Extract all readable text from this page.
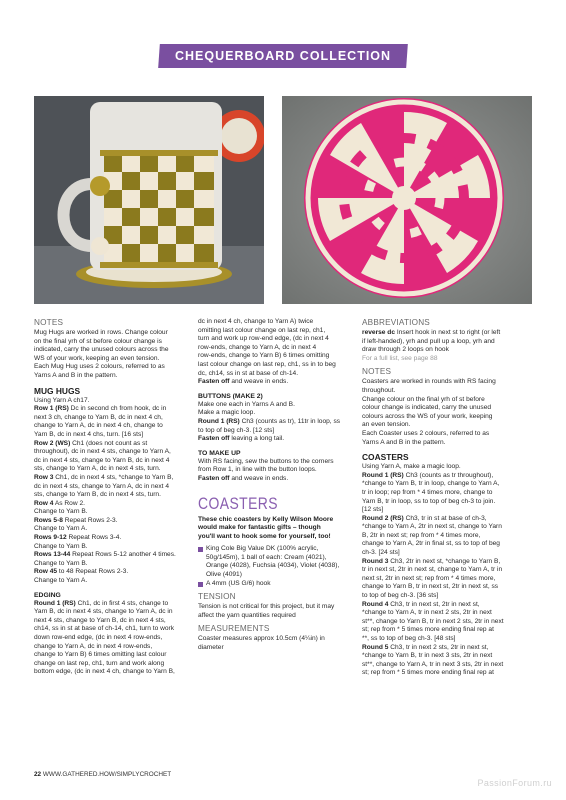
CHEQUERBOARD COLLECTION
NOTES
Mug Hugs are worked in rows. Change colour
on the final yrh of st before colour change is
indicated, carry the unused colours across the
WS of your work, keeping an even tension.
Each Mug Hug uses 2 colours, referred to as
Yarns A and B in the pattern.
MUG HUGS
Using Yarn A ch17.
Row 1 (RS) Dc in second ch from hook, dc in
next 3 ch, change to Yarn B, dc in next 4 ch,
change to Yarn A, dc in next 4 ch, change to
Yarn B, dc in next 4 chs, turn. [16 sts]
Row 2 (WS) Ch1 (does not count as st
throughout), dc in next 4 sts, change to Yarn A,
dc in next 4 sts, change to Yarn B, dc in next 4
sts, change to Yarn A, dc in next 4 sts, turn.
Row 3 Ch1, dc in next 4 sts, *change to Yarn B,
dc in next 4 sts, change to Yarn A, dc in next 4
sts, change to Yarn B, dc in next 4 sts, turn.
Row 4 As Row 2.
Change to Yarn B.
Rows 5-8 Repeat Rows 2-3.
Change to Yarn A.
Rows 9-12 Repeat Rows 3-4.
Change to Yarn B.
Rows 13-44 Repeat Rows 5-12 another 4 times.
Change to Yarn B.
Row 45 to 48 Repeat Rows 2-3.
Change to Yarn A.
EDGING
Round 1 (RS) Ch1, dc in first 4 sts, change to
Yarn B, dc in next 4 sts, change to Yarn A, dc in
next 4 sts, change to Yarn B, dc in next 4 sts,
ch14, ss in st at base of ch-14, ch1, turn to work
down row-end edge, (dc in next 4 row-ends,
change to Yarn A, dc in next 4 row-ends,
change to Yarn B) 6 times omitting last colour
change on last rep, ch1, turn and work along
bottom edge, (dc in next 4 ch, change to Yarn B,
dc in next 4 ch, change to Yarn A) twice
omitting last colour change on last rep, ch1,
turn and work up row-end edge, (dc in next 4
row-ends, change to Yarn A, dc in next 4
row-ends, change to Yarn B) 6 times omitting
last colour change on last rep, ch1, ss in to beg
dc, ch14, ss in st at base of ch-14.
Fasten off and weave in ends.
BUTTONS (MAKE 2)
Make one each in Yarns A and B.
Make a magic loop.
Round 1 (RS) Ch3 (counts as tr), 11tr in loop, ss
to top of beg ch-3. [12 sts]
Fasten off leaving a long tail.
TO MAKE UP
With RS facing, sew the buttons to the corners
from Row 1, in line with the button loops.
Fasten off and weave in ends.
COASTERS
These chic coasters by Kelly Wilson Moore
would make for fantastic gifts – though
you'll want to hook some for yourself, too!
King Cole Big Value DK (100% acrylic,
50g/145m), 1 ball of each: Cream (4021),
Orange (4028), Fuchsia (4034), Violet (4038),
Olive (4091)
A 4mm (US G/6) hook
TENSION
Tension is not critical for this project, but it may
affect the yarn quantities required
MEASUREMENTS
Coaster measures approx 10.5cm (4¼in) in
diameter
ABBREVIATIONS
reverse dc Insert hook in next st to right (or left
if left-handed), yrh and pull up a loop, yrh and
draw through 2 loops on hook
For a full list, see page 88
NOTES
Coasters are worked in rounds with RS facing
throughout.
Change colour on the final yrh of st before
colour change is indicated, carry the unused
colours across the WS of your work, keeping
an even tension.
Each Coaster uses 2 colours, referred to as
Yarns A and B in the pattern.
COASTERS
Using Yarn A, make a magic loop.
Round 1 (RS) Ch3 (counts as tr throughout),
*change to Yarn B, tr in loop, change to Yarn A,
tr in loop; rep from * 4 times more, change to
Yarn B, tr in loop, ss to top of beg ch-3 to join.
[12 sts]
Round 2 (RS) Ch3, tr in st at base of ch-3,
*change to Yarn A, 2tr in next st, change to Yarn
B, 2tr in next st; rep from * 4 times more,
change to Yarn A, 2tr in final st, ss to top of beg
ch-3. [24 sts]
Round 3 Ch3, 2tr in next st, *change to Yarn B,
tr in next st, 2tr in next st, change to Yarn A, tr in
next st, 2tr in next st; rep from * 4 times more,
change to Yarn B, tr in next st, 2tr in next st, ss
to top of beg ch-3. [36 sts]
Round 4 Ch3, tr in next st, 2tr in next st,
*change to Yarn A, tr in next 2 sts, 2tr in next
st**, change to Yarn B, tr in next 2 sts, 2tr in next
st; rep from * 5 times more ending final rep at
**, ss to top of beg ch-3. [48 sts]
Round 5 Ch3, tr in next 2 sts, 2tr in next st,
*change to Yarn B, tr in next 3 sts, 2tr in next
st**, change to Yarn A, tr in next 3 sts, 2tr in next
st; rep from * 5 times more ending final rep at
22 WWW.GATHERED.HOW/SIMPLYCROCHET
PassionForum.ru
